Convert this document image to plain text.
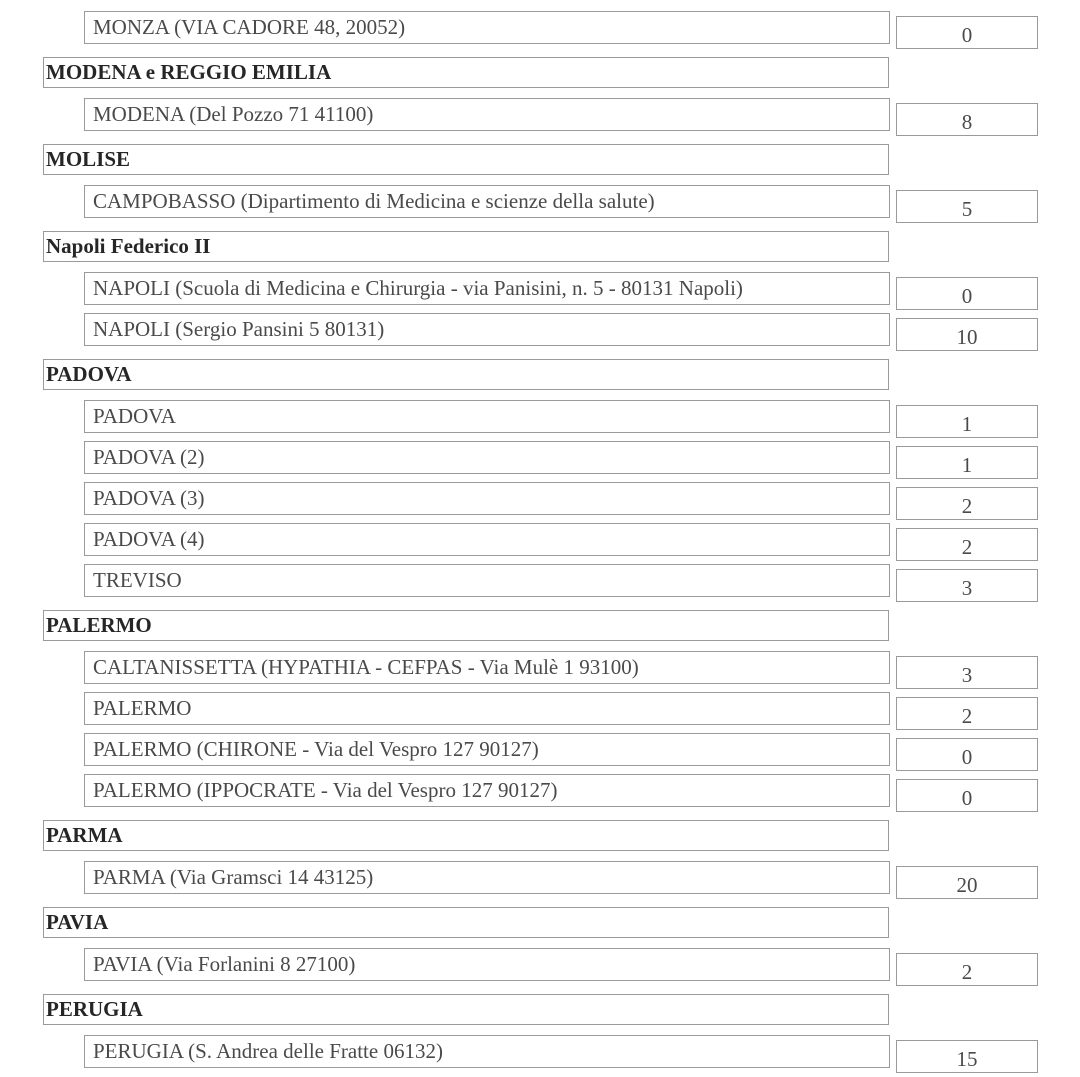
MONZA (VIA CADORE 48, 20052)	0
MODENA e REGGIO EMILIA
MODENA (Del Pozzo 71 41100)	8
MOLISE
CAMPOBASSO (Dipartimento di Medicina e scienze della salute)	5
Napoli Federico II
NAPOLI (Scuola di Medicina e Chirurgia - via Panisini, n. 5 - 80131 Napoli)	0
NAPOLI (Sergio Pansini 5 80131)	10
PADOVA
PADOVA	1
PADOVA (2)	1
PADOVA (3)	2
PADOVA (4)	2
TREVISO	3
PALERMO
CALTANISSETTA (HYPATHIA - CEFPAS - Via Mulè 1 93100)	3
PALERMO	2
PALERMO (CHIRONE - Via del Vespro 127 90127)	0
PALERMO (IPPOCRATE - Via del Vespro 127 90127)	0
PARMA
PARMA (Via Gramsci 14 43125)	20
PAVIA
PAVIA (Via Forlanini 8 27100)	2
PERUGIA
PERUGIA (S. Andrea delle Fratte 06132)	15
